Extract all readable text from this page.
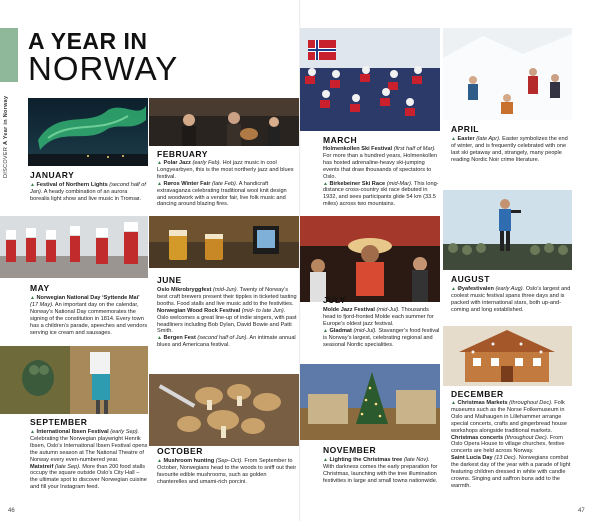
DISCOVER A Year in Norway
A YEAR IN
NORWAY
JANUARY

▲ Festival of Northern Lights (second half of Jan). A heady combination of an aurora borealis light show and live music in Tromsø.

FEBRUARY

▲ Polar Jazz (early Feb). Hot jazz music in cool Longyearbyen, this is the most northerly jazz and blues festival.

▲ Røros Winter Fair (late Feb). A handicraft extravaganza celebrating traditional wool knit design and woodwork with a vendor fair, live folk music and dancing around blazing fires.

MARCH

Holmenkollen Ski Festival (first half of Mar). For more than a hundred years, Holmenkollen has hosted adrenaline-heavy ski-jumping events that draw thousands of spectators to Oslo.

▲ Birkebeiner Ski Race (mid-Mar). This long-distance cross-country ski race debuted in 1932, and sees participants glide 54 km (33.5 miles) across two mountains.

APRIL

▲ Easter (late Apr). Easter symbolizes the end of winter, and is frequently celebrated with one last ski getaway and, strangely, many people reading Nordic Noir crime literature.

MAY

▲ Norwegian National Day ‘Syttende Mai’ (17 May). An important day on the calendar, Norway’s National Day commemorates the signing of the constitution in 1814. Every town has a children’s parade, speeches and vendors serving ice cream and sausages.

JUNE

Oslo Mikrobryggfest (mid-Jun). Twenty of Norway’s best craft brewers present their tipples in ticketed tasting booths. Food stalls and live music add to the festivities.

Norwegian Wood Rock Festival (mid- to late Jun). Oslo welcomes a great line-up of indie singers, with past headliners including Bob Dylan, David Bowie and Patti Smith.

▲ Bergen Fest (second half of Jun). An intimate annual blues and Americana festival.

JULY

Molde Jazz Festival (mid-Jul). Thousands head to fjord-fronted Molde each summer for Europe’s oldest jazz festival.

▲ Gladmat (mid-Jul). Stavanger’s food festival is Norway’s largest, celebrating regional and seasonal Nordic specialities.

AUGUST

▲ Øyafestivalen (early Aug). Oslo’s largest and coolest music festival spans three days and is packed with international stars, both up-and-coming and long established.

SEPTEMBER

▲ International Ibsen Festival (early Sep). Celebrating the Norwegian playwright Henrik Ibsen, Oslo’s International Ibsen Festival opens the autumn season at The National Theatre of Norway every even-numbered year.

Matstreif (late Sep). More than 200 food stalls occupy the square outside Oslo’s City Hall – the ultimate spot to discover Norwegian cuisine and fill your Instagram feed.

OCTOBER

▲ Mushroom hunting (Sep–Oct). From September to October, Norwegians head to the woods to sniff out their favourite edible mushrooms, such as golden chanterelles and umami-rich porcini.

NOVEMBER

▲ Lighting the Christmas tree (late Nov). With darkness comes the early preparation for Christmas, launching with the tree illumination festivities in large and small towns nationwide.

DECEMBER

▲ Christmas Markets (throughout Dec). Folk museums such as the Norse Folkemuseum in Oslo and Maihaugen in Lillehammer arrange special concerts, crafts and gingerbread house workshops alongside traditional markets.

Christmas concerts (throughout Dec). From Oslo Opera House to village churches, festive concerts are held across Norway.

Saint Lucia Day (13 Dec). Norwegians combat the darkest day of the year with a parade of light featuring children dressed in white with candle crowns. Singing and saffron buns add to the warmth.

46	47
